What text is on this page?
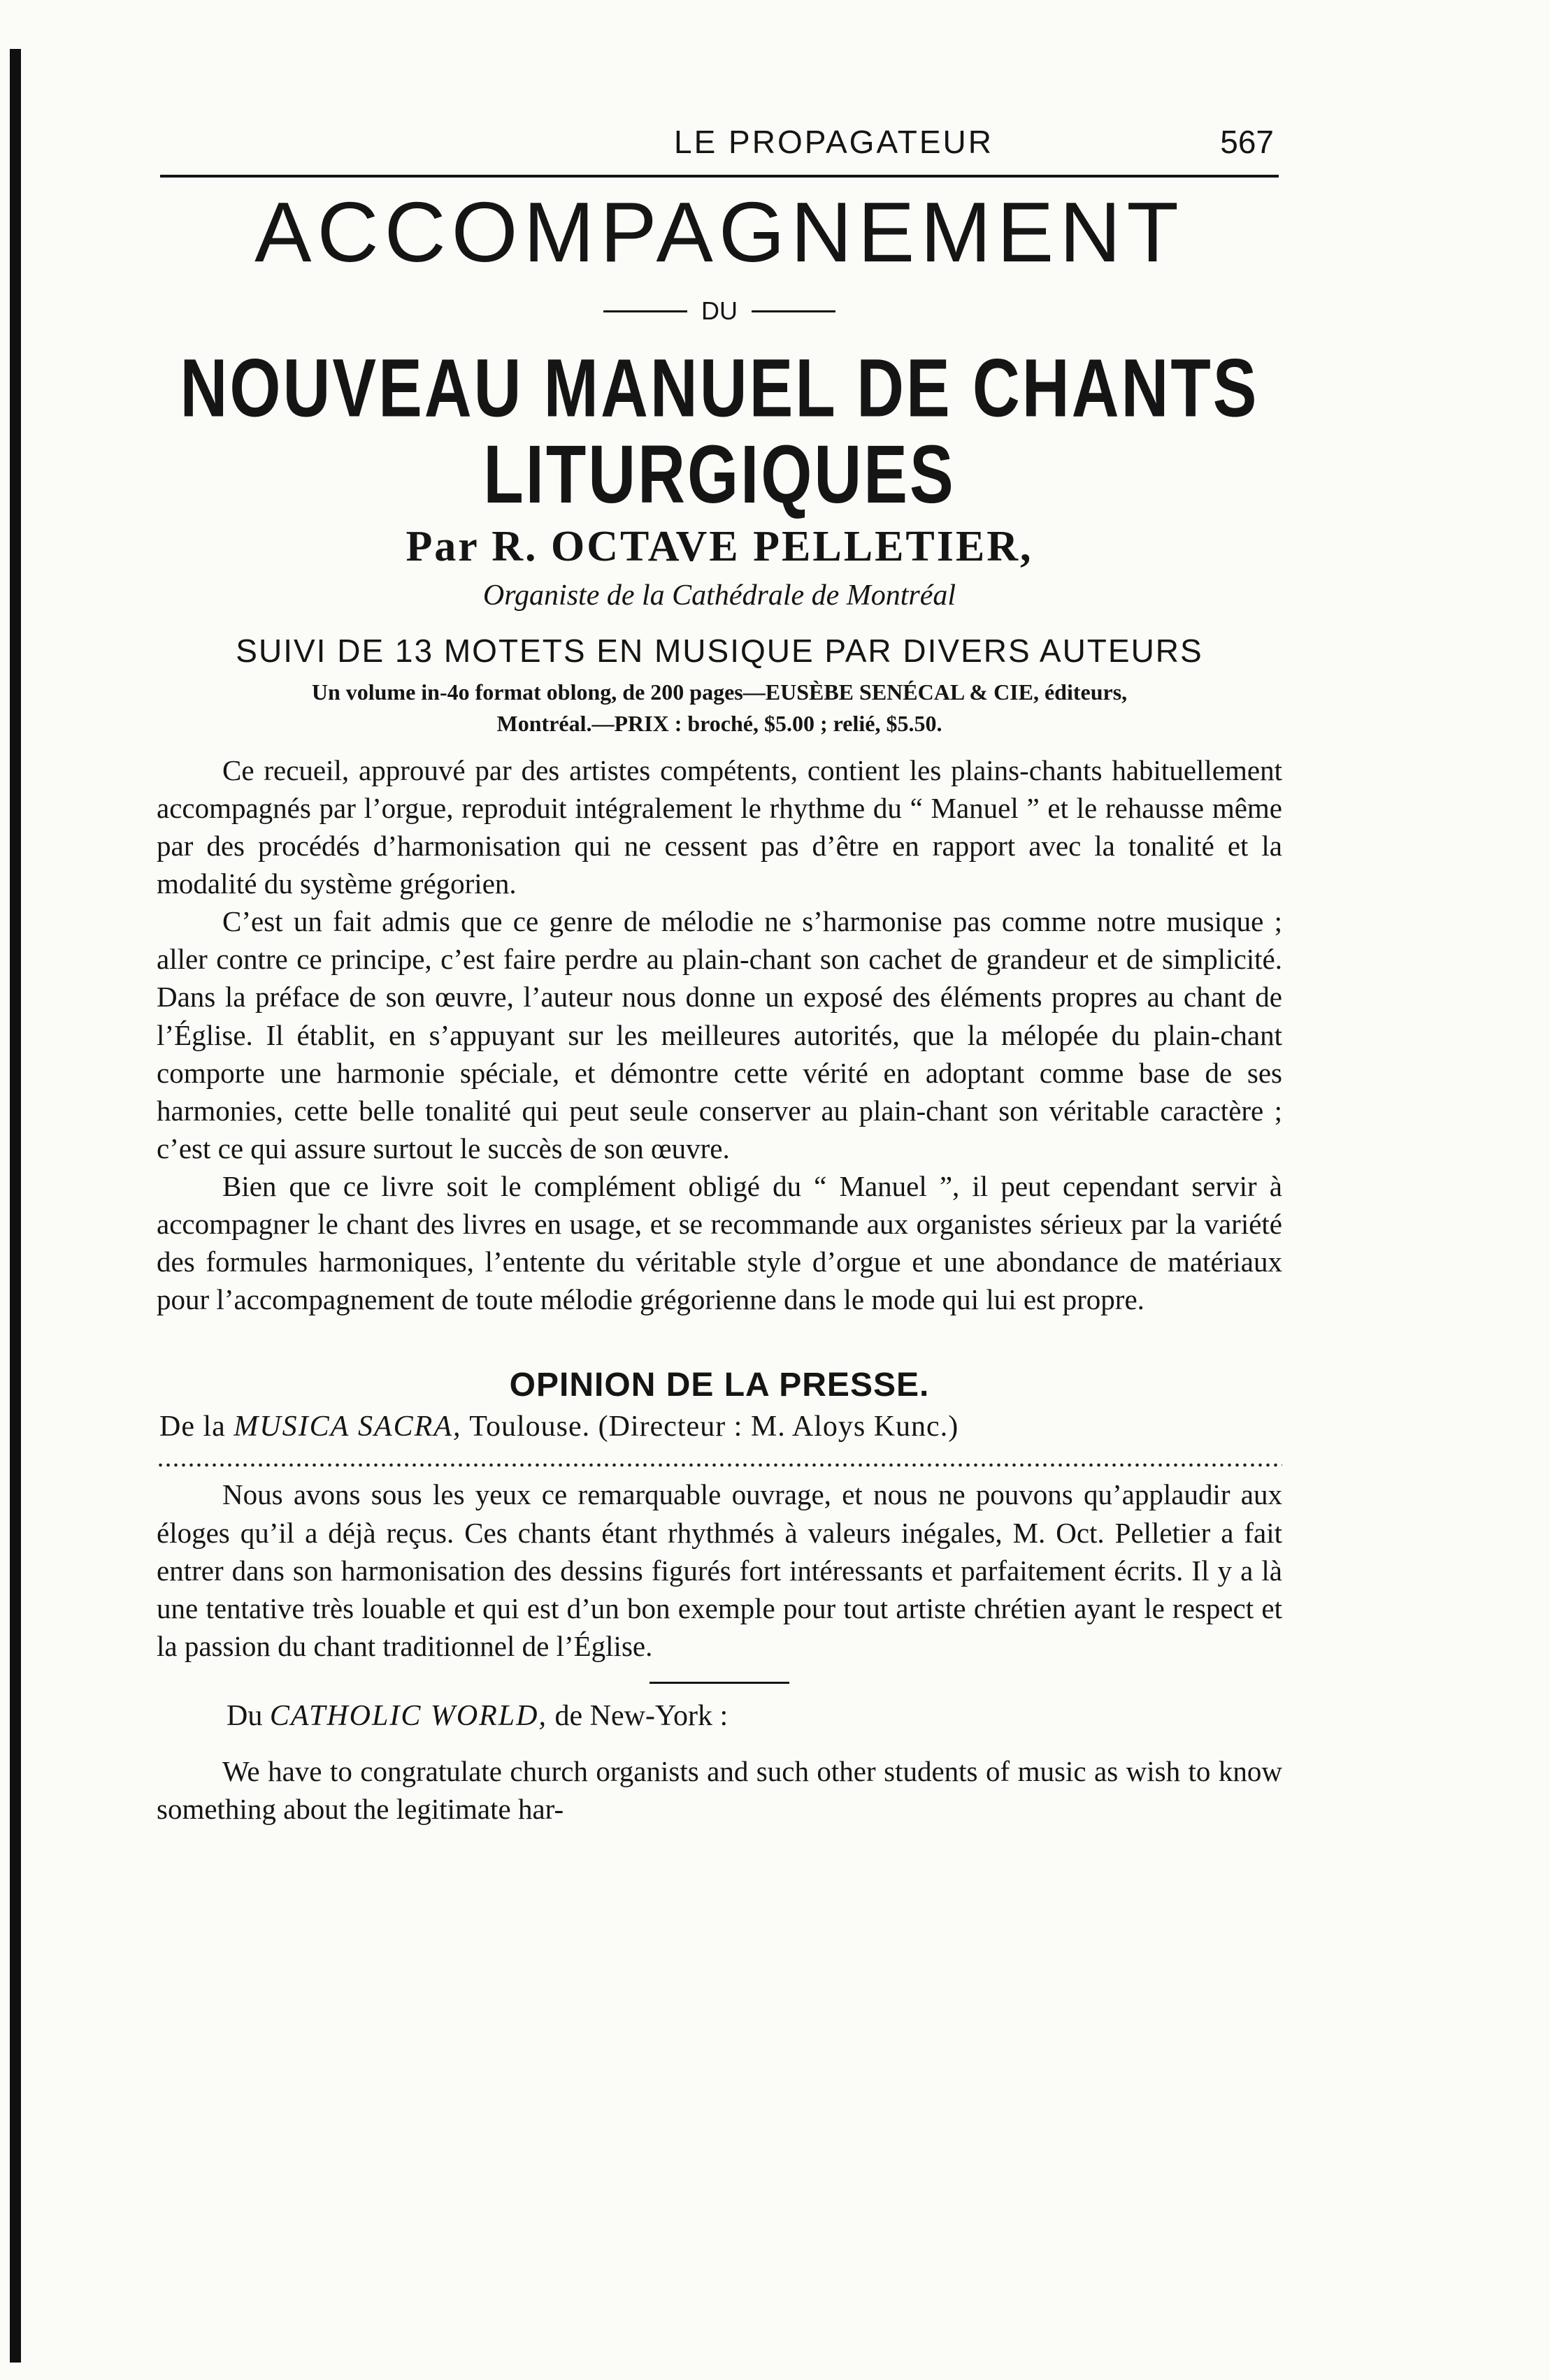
LE PROPAGATEUR	567
ACCOMPAGNEMENT
DU
NOUVEAU MANUEL DE CHANTS LITURGIQUES
Par R. OCTAVE PELLETIER,
Organiste de la Cathédrale de Montréal
SUIVI DE 13 MOTETS EN MUSIQUE PAR DIVERS AUTEURS
Un volume in-4o format oblong, de 200 pages—EUSÈBE SENÉCAL & CIE, éditeurs,
Montréal.—PRIX : broché, $5.00 ; relié, $5.50.

Ce recueil, approuvé par des artistes compétents, contient les plains-chants habituellement accompagnés par l’orgue, reproduit intégralement le rhythme du “ Manuel ” et le rehausse même par des procédés d’harmonisation qui ne cessent pas d’être en rapport avec la tonalité et la modalité du système grégorien.

C’est un fait admis que ce genre de mélodie ne s’harmonise pas comme notre musique ; aller contre ce principe, c’est faire perdre au plain-chant son cachet de grandeur et de simplicité. Dans la préface de son œuvre, l’auteur nous donne un exposé des éléments propres au chant de l’Église. Il établit, en s’appuyant sur les meilleures autorités, que la mélopée du plain-chant comporte une harmonie spéciale, et démontre cette vérité en adoptant comme base de ses harmonies, cette belle tonalité qui peut seule conserver au plain-chant son véritable caractère ; c’est ce qui assure surtout le succès de son œuvre.

Bien que ce livre soit le complément obligé du “ Manuel ”, il peut cependant servir à accompagner le chant des livres en usage, et se recommande aux organistes sérieux par la variété des formules harmoniques, l’entente du véritable style d’orgue et une abondance de matériaux pour l’accompagnement de toute mélodie grégorienne dans le mode qui lui est propre.

OPINION DE LA PRESSE.
De la MUSICA SACRA, Toulouse. (Directeur : M. Aloys Kunc.)

Nous avons sous les yeux ce remarquable ouvrage, et nous ne pouvons qu’applaudir aux éloges qu’il a déjà reçus. Ces chants étant rhythmés à valeurs inégales, M. Oct. Pelletier a fait entrer dans son harmonisation des dessins figurés fort intéressants et parfaitement écrits. Il y a là une tentative très louable et qui est d’un bon exemple pour tout artiste chrétien ayant le respect et la passion du chant traditionnel de l’Église.

Du CATHOLIC WORLD, de New-York :

We have to congratulate church organists and such other students of music as wish to know something about the legitimate har-
